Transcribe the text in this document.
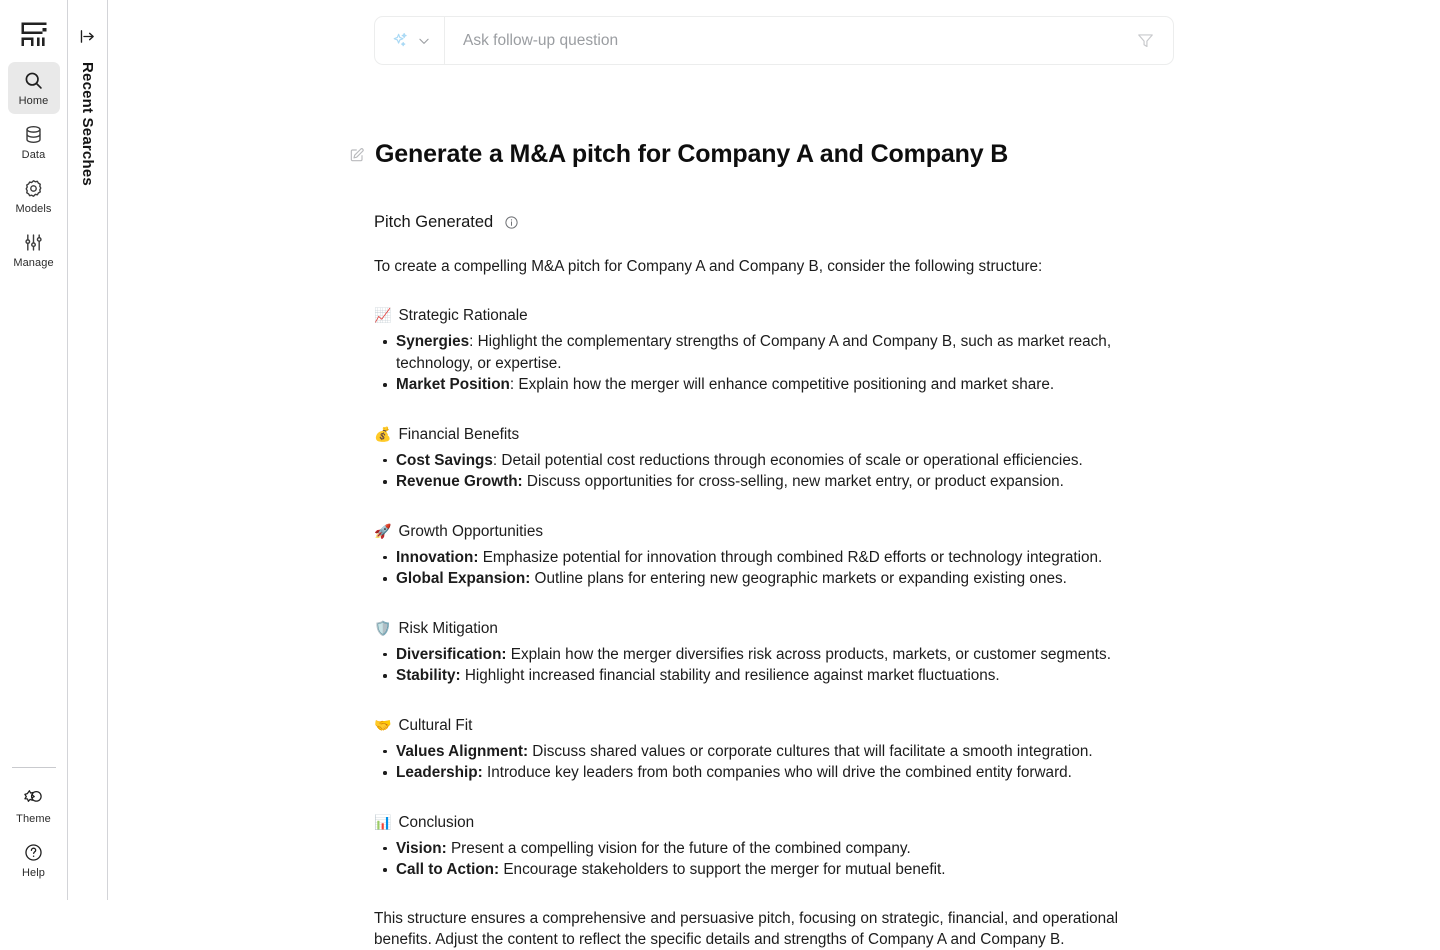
Home
Data
Models
Manage
Theme
Help
Recent Searches
Ask follow-up question	Generate a M&A pitch for Company A and Company B
Pitch Generated

To create a compelling M&A pitch for Company A and Company B, consider the following structure:

📈 Strategic Rationale
Synergies: Highlight the complementary strengths of Company A and Company B, such as market reach, technology, or expertise.
Market Position: Explain how the merger will enhance competitive positioning and market share.
💰 Financial Benefits
Cost Savings: Detail potential cost reductions through economies of scale or operational efficiencies.
Revenue Growth: Discuss opportunities for cross-selling, new market entry, or product expansion.
🚀 Growth Opportunities
Innovation: Emphasize potential for innovation through combined R&D efforts or technology integration.
Global Expansion: Outline plans for entering new geographic markets or expanding existing ones.
🛡️ Risk Mitigation
Diversification: Explain how the merger diversifies risk across products, markets, or customer segments.
Stability: Highlight increased financial stability and resilience against market fluctuations.
🤝 Cultural Fit
Values Alignment: Discuss shared values or corporate cultures that will facilitate a smooth integration.
Leadership: Introduce key leaders from both companies who will drive the combined entity forward.
📊 Conclusion
Vision: Present a compelling vision for the future of the combined company.
Call to Action: Encourage stakeholders to support the merger for mutual benefit.

This structure ensures a comprehensive and persuasive pitch, focusing on strategic, financial, and operational benefits. Adjust the content to reflect the specific details and strengths of Company A and Company B.
